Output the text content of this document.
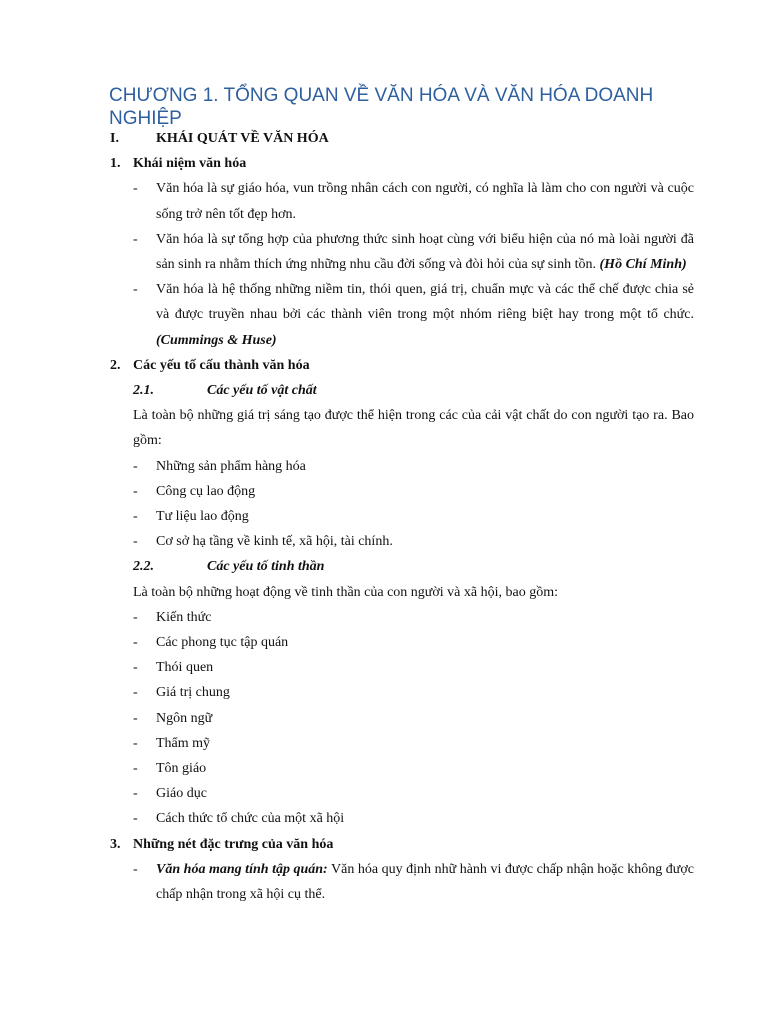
CHƯƠNG 1. TỔNG QUAN VỀ VĂN HÓA VÀ VĂN HÓA DOANH NGHIỆP
I.	KHÁI QUÁT VỀ VĂN HÓA
1. Khái niệm văn hóa
- Văn hóa là sự giáo hóa, vun trồng nhân cách con người, có nghĩa là làm cho con người và cuộc sống trở nên tốt đẹp hơn.
- Văn hóa là sự tổng hợp của phương thức sinh hoạt cùng với biểu hiện của nó mà loài người đã sản sinh ra nhằm thích ứng những nhu cầu đời sống và đòi hỏi của sự sinh tồn. (Hồ Chí Minh)
- Văn hóa là hệ thống những niềm tin, thói quen, giá trị, chuẩn mực và các thể chế được chia sẻ và được truyền nhau bởi các thành viên trong một nhóm riêng biệt hay trong một tổ chức. (Cummings & Huse)
2. Các yếu tố cấu thành văn hóa
2.1.	Các yếu tố vật chất
Là toàn bộ những giá trị sáng tạo được thể hiện trong các của cải vật chất do con người tạo ra. Bao gồm:
- Những sản phẩm hàng hóa
- Công cụ lao động
- Tư liệu lao động
- Cơ sở hạ tầng về kinh tế, xã hội, tài chính.
2.2.	Các yếu tố tinh thần
Là toàn bộ những hoạt động về tinh thần của con người và xã hội, bao gồm:
- Kiến thức
- Các phong tục tập quán
- Thói quen
- Giá trị chung
- Ngôn ngữ
- Thẩm mỹ
- Tôn giáo
- Giáo dục
- Cách thức tổ chức của một xã hội
3. Những nét đặc trưng của văn hóa
- Văn hóa mang tính tập quán: Văn hóa quy định nhữ hành vi được chấp nhận hoặc không được chấp nhận trong xã hội cụ thể.
